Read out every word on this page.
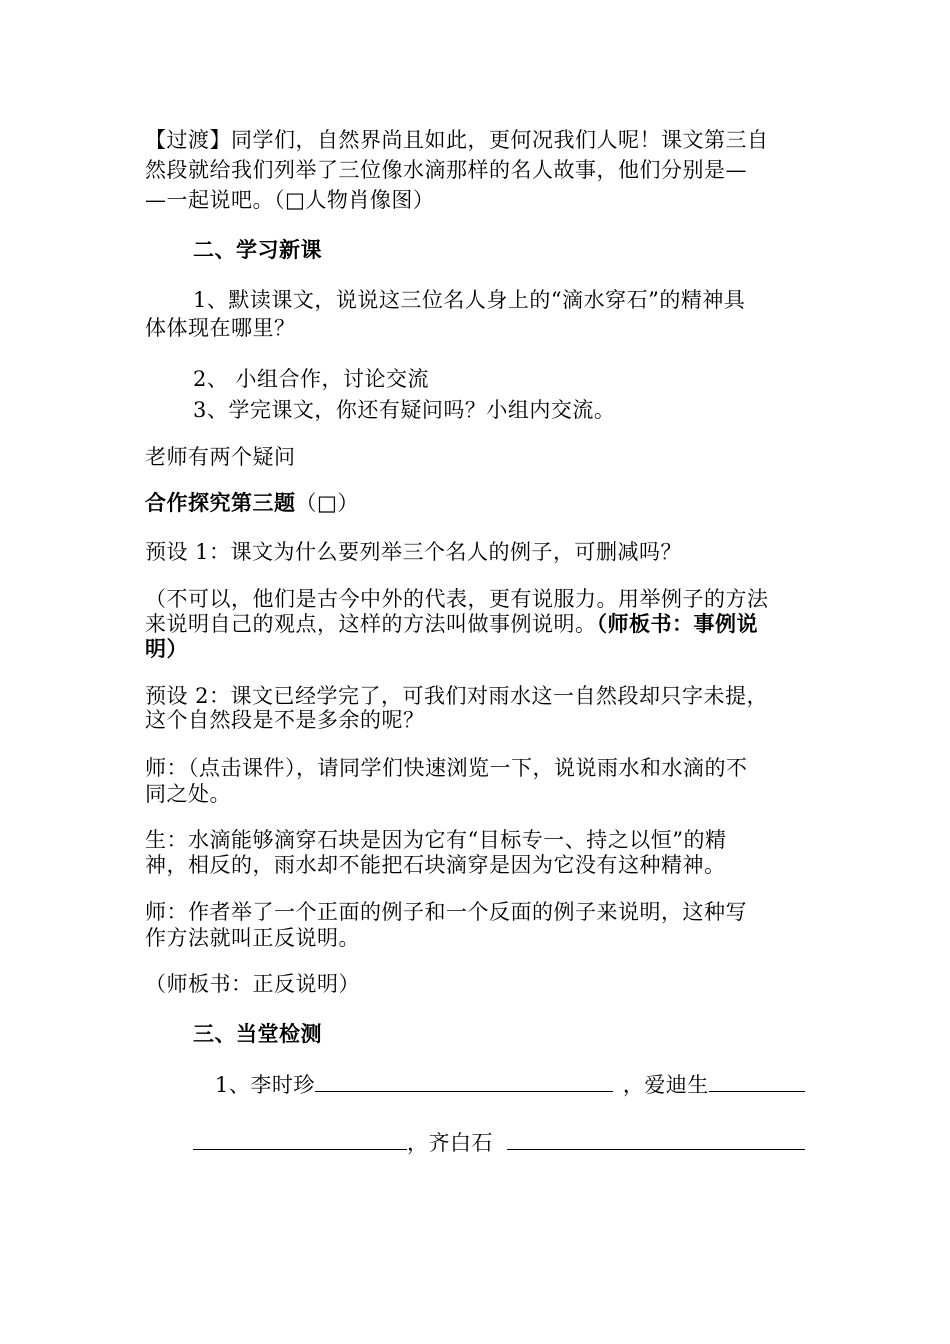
【过渡】同学们，自然界尚且如此，更何况我们人呢！课文第三自
然段就给我们列举了三位像水滴那样的名人故事，他们分别是—
—一起说吧。（□人物肖像图）
二、学习新课
1、默读课文，说说这三位名人身上的“滴水穿石”的精神具
体体现在哪里？
2、 小组合作，讨论交流
3、学完课文，你还有疑问吗？小组内交流。
老师有两个疑问
合作探究第三题（□）
预设 1：课文为什么要列举三个名人的例子，可删减吗？
（不可以，他们是古今中外的代表，更有说服力。用举例子的方法
来说明自己的观点，这样的方法叫做事例说明。（师板书：事例说
明）
预设 2：课文已经学完了，可我们对雨水这一自然段却只字未提，
这个自然段是不是多余的呢？
师：（点击课件），请同学们快速浏览一下，说说雨水和水滴的不
同之处。
生：水滴能够滴穿石块是因为它有“目标专一、持之以恒”的精
神，相反的，雨水却不能把石块滴穿是因为它没有这种精神。
师：作者举了一个正面的例子和一个反面的例子来说明，这种写
作方法就叫正反说明。
（师板书：正反说明）
三、当堂检测
1、李时珍	，爱迪生
，齐白石
